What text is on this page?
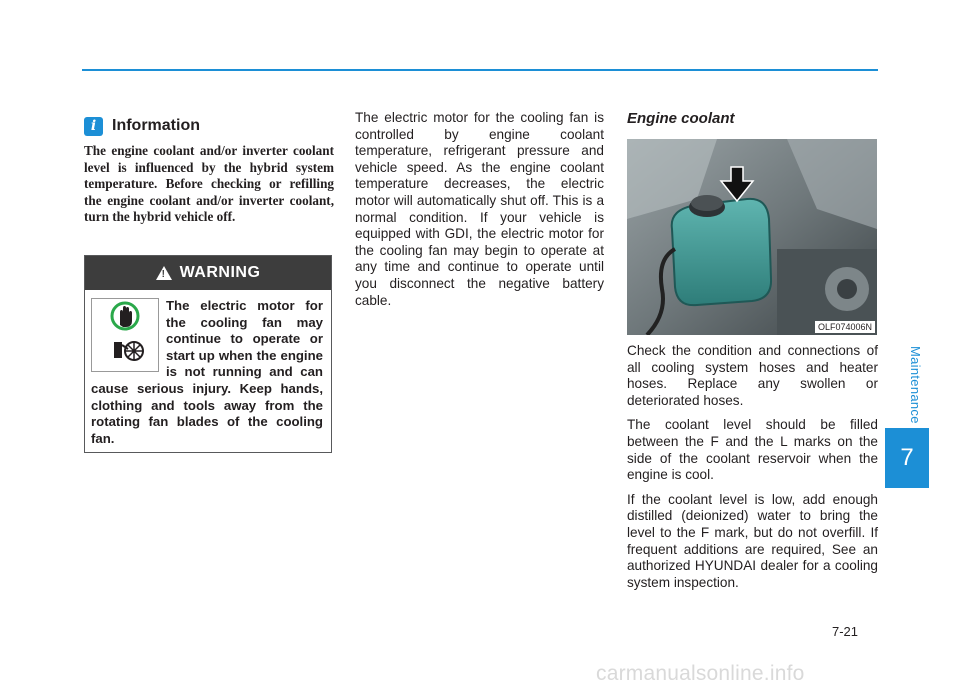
Maintenance
7
i Information

The engine coolant and/or inverter coolant level is influenced by the hybrid system temperature. Before checking or refilling the engine coolant and/or inverter coolant, turn the hybrid vehicle off.

! WARNING
The electric motor for the cooling fan may continue to operate or start up when the engine is not running and can cause serious injury. Keep hands, clothing and tools away from the rotating fan blades of the cooling fan.
The electric motor for the cooling fan is controlled by engine coolant temperature, refrigerant pressure and vehicle speed. As the engine coolant temperature decreases, the electric motor will automatically shut off. This is a normal condition. If your vehicle is equipped with GDI, the electric motor for the cooling fan may begin to operate at any time and continue to operate until you disconnect the negative battery cable.
Engine coolant
OLF074006N

Check the condition and connections of all cooling system hoses and heater hoses. Replace any swollen or deteriorated hoses.

The coolant level should be filled between the F and the L marks on the side of the coolant reservoir when the engine is cool.

If the coolant level is low, add enough distilled (deionized) water to bring the level to the F mark, but do not overfill. If frequent additions are required, See an authorized HYUNDAI dealer for a cooling system inspection.

7-21
carmanualsonline.info
